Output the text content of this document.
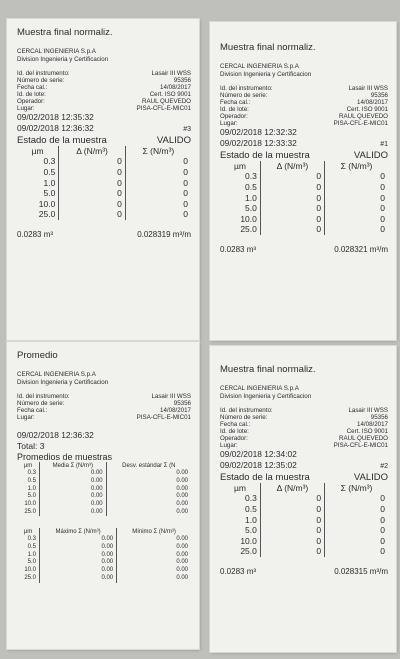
Muestra final normaliz.
CERCAL INGENIERIA S.p.A
Division Ingenieria y Certificacion
Id. del instrumento:	Lasair III WSS
Número de serie:	95356
Fecha cal.:	14/08/2017
Id. de lote:	Cert. ISO 9001
Operador:	RAUL QUEVEDO
Lugar:	PISA-CFL-E-MIC01
09/02/2018 12:35:32
09/02/2018 12:36:32	#3
Estado de la muestra	VALIDO
µm	Δ (N/m³)	Σ (N/m³)
0.3	0	0
0.5	0	0
1.0	0	0
5.0	0	0
10.0	0	0
25.0	0	0
0.0283 m³	0.028319 m³/m
Muestra final normaliz.
CERCAL INGENIERIA S.p.A
Division Ingenieria y Certificacion
Id. del instrumento:	Lasair III WSS
Número de serie:	95356
Fecha cal.:	14/08/2017
Id. de lote:	Cert. ISO 9001
Operador:	RAUL QUEVEDO
Lugar:	PISA-CFL-E-MIC01
09/02/2018 12:32:32
09/02/2018 12:33:32	#1
Estado de la muestra	VALIDO
µm	Δ (N/m³)	Σ (N/m³)
0.3	0	0
0.5	0	0
1.0	0	0
5.0	0	0
10.0	0	0
25.0	0	0
0.0283 m³	0.028321 m³/m
Promedio
CERCAL INGENIERIA S.p.A
Division Ingenieria y Certificacion
Id. del instrumento:	Lasair III WSS
Número de serie:	95356
Fecha cal.:	14/08/2017
Lugar:	PISA-CFL-E-MIC01
09/02/2018 12:36:32
Total: 3
Promedios de muestras
µm	Media Σ (N/m³)	Desv. estándar Σ (N
0.3	0.00	0.00
0.5	0.00	0.00
1.0	0.00	0.00
5.0	0.00	0.00
10.0	0.00	0.00
25.0	0.00	0.00
µm	Máximo Σ (N/m³)	Mínimo Σ (N/m³)
0.3	0.00	0.00
0.5	0.00	0.00
1.0	0.00	0.00
5.0	0.00	0.00
10.0	0.00	0.00
25.0	0.00	0.00
Muestra final normaliz.
CERCAL INGENIERIA S.p.A
Division Ingenieria y Certificacion
Id. del instrumento:	Lasair III WSS
Número de serie:	95356
Fecha cal.:	14/08/2017
Id. de lote:	Cert. ISO 9001
Operador:	RAUL QUEVEDO
Lugar:	PISA-CFL-E-MIC01
09/02/2018 12:34:02
09/02/2018 12:35:02	#2
Estado de la muestra	VALIDO
µm	Δ (N/m³)	Σ (N/m³)
0.3	0	0
0.5	0	0
1.0	0	0
5.0	0	0
10.0	0	0
25.0	0	0
0.0283 m³	0.028315 m³/m
